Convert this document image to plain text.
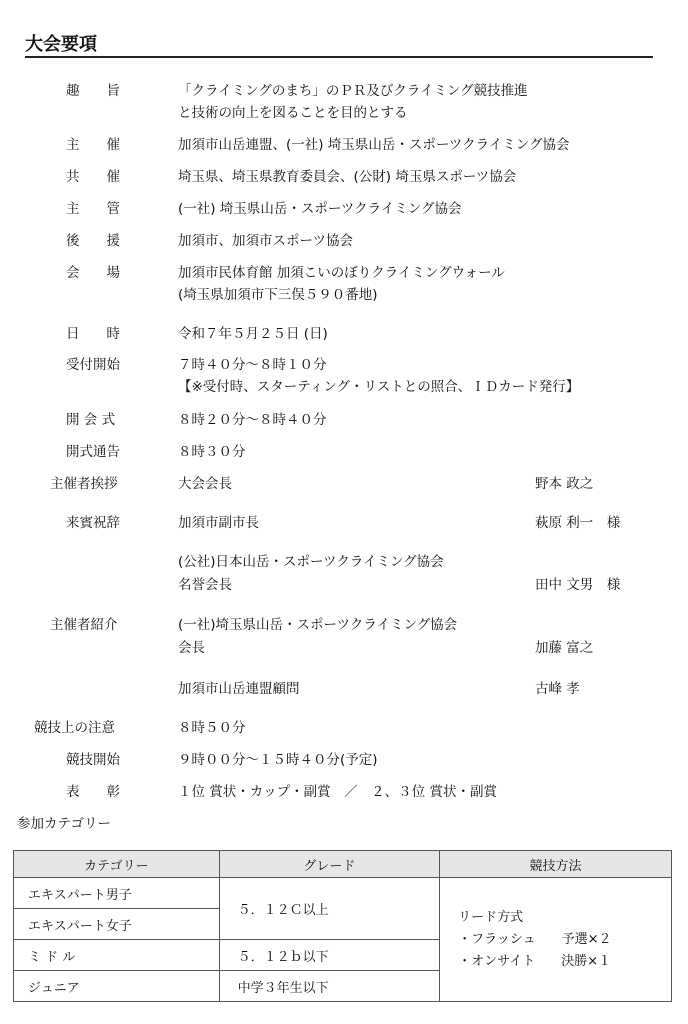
大会要項
趣　　旨	「クライミングのまち」のＰＲ及びクライミング競技推進
と技術の向上を図ることを目的とする
主　　催	加須市山岳連盟、(一社) 埼玉県山岳・スポーツクライミング協会
共　　催	埼玉県、埼玉県教育委員会、(公財) 埼玉県スポーツ協会
主　　管	(一社) 埼玉県山岳・スポーツクライミング協会
後　　援	加須市、加須市スポーツ協会
会　　場	加須市民体育館 加須こいのぼりクライミングウォール
(埼玉県加須市下三俣５９０番地)
日　　時	令和７年５月２５日 (日)
受付開始	７時４０分～８時１０分
【※受付時、スターティング・リストとの照合、ＩＤカード発行】
開 会 式	８時２０分～８時４０分
開式通告	８時３０分
主催者挨拶	大会会長	野本 政之
来賓祝辞	加須市副市長	萩原 利一　様
(公社)日本山岳・スポーツクライミング協会
名誉会長	田中 文男　様
主催者紹介	(一社)埼玉県山岳・スポーツクライミング協会
会長	加藤 富之
加須市山岳連盟顧問	古峰 孝
競技上の注意	８時５０分
競技開始	９時００分～１５時４０分(予定)
表　　彰	１位 賞状・カップ・副賞　／　２、３位 賞状・副賞
参加カテゴリー
カテゴリー	グレード	競技方法
エキスパート男子	５．１２Ｃ以上	リード方式
・フラッシュ　　予選×２
・オンサイト　　決勝×１

エキスパート女子		
ミ ド ル	５．１２ｂ以下	
ジュニア	中学３年生以下	
